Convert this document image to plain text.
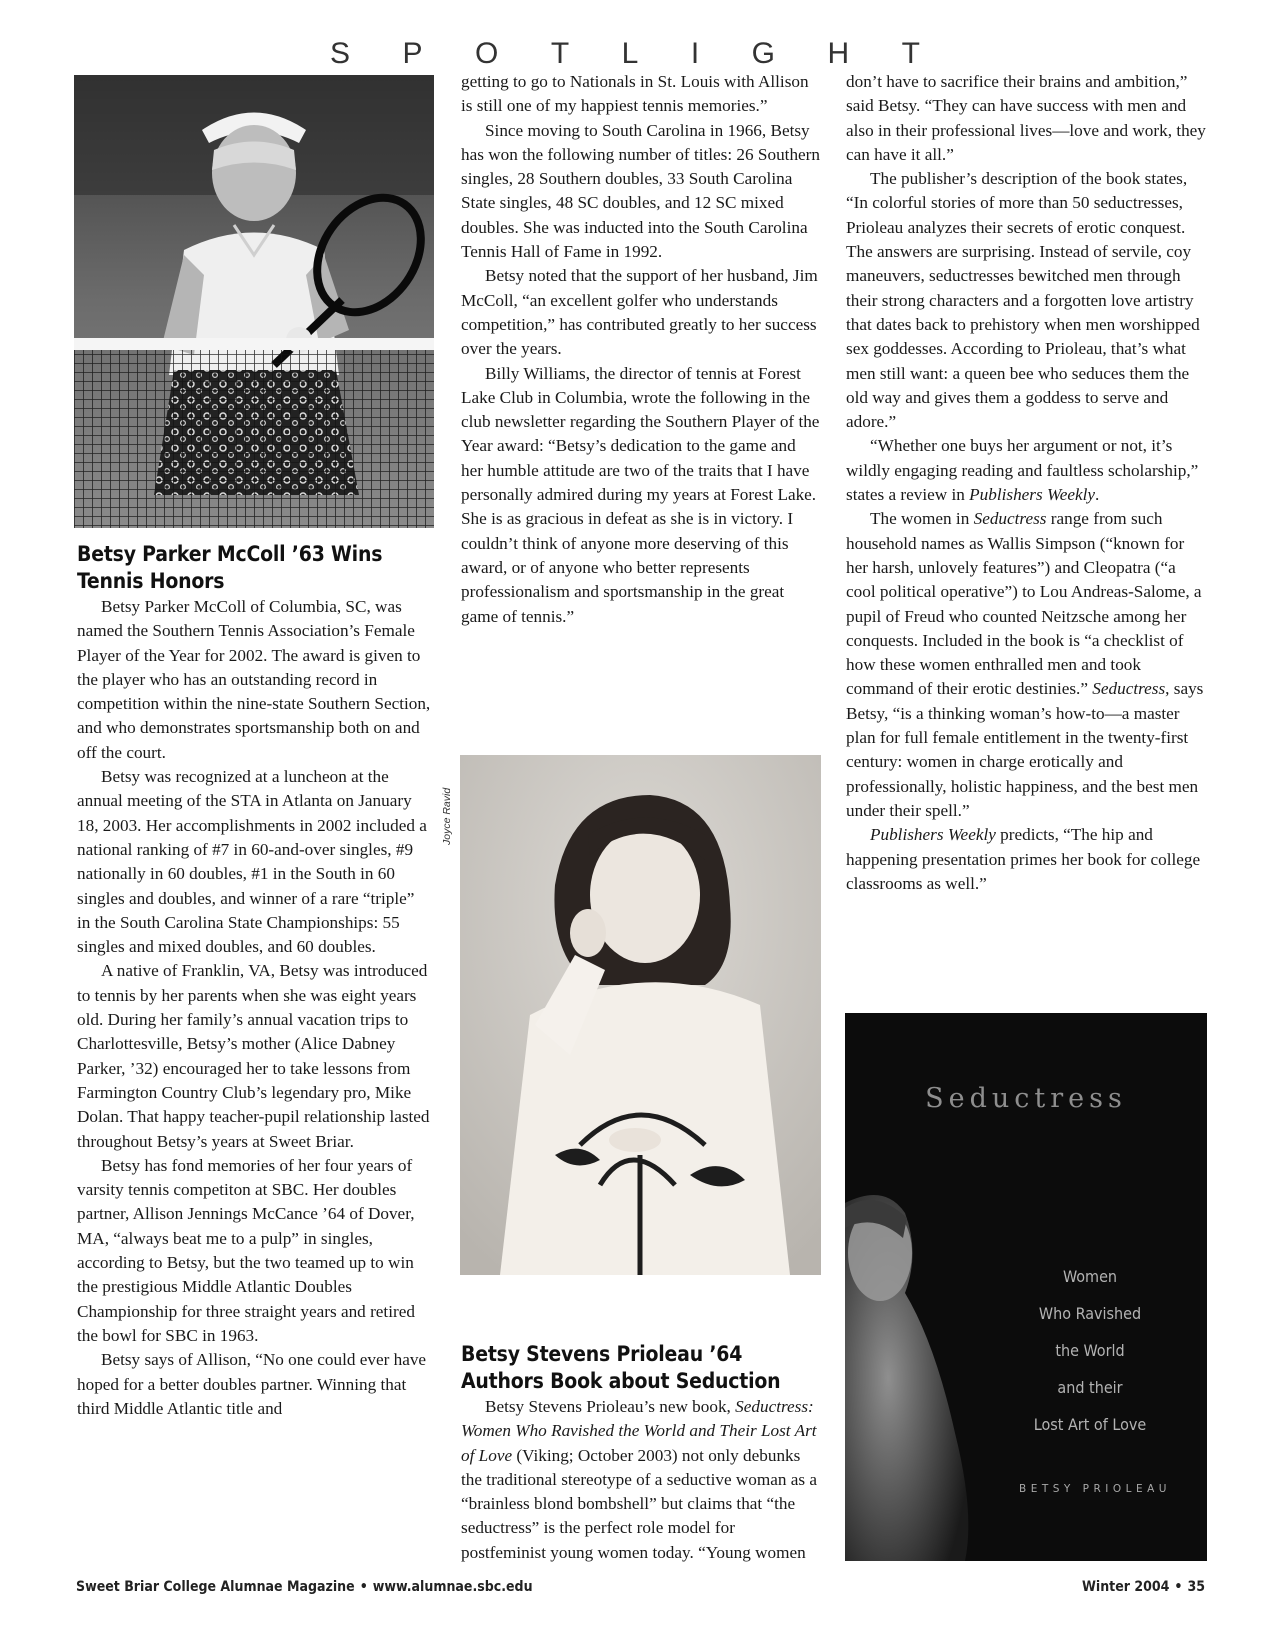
S P O T L I G H T
Betsy Parker McColl ’63 Wins Tennis Honors

Betsy Parker McColl of Columbia, SC, was named the Southern Tennis Association’s Female Player of the Year for 2002. The award is given to the player who has an outstanding record in competition within the nine-state Southern Section, and who demonstrates sportsmanship both on and off the court.

Betsy was recognized at a luncheon at the annual meeting of the STA in Atlanta on January 18, 2003. Her accomplishments in 2002 included a national ranking of #7 in 60-and-over singles, #9 nationally in 60 doubles, #1 in the South in 60 singles and doubles, and winner of a rare “triple” in the South Carolina State Championships: 55 singles and mixed doubles, and 60 doubles.

A native of Franklin, VA, Betsy was introduced to tennis by her parents when she was eight years old. During her family’s annual vacation trips to Charlottesville, Betsy’s mother (Alice Dabney Parker, ’32) encouraged her to take lessons from Farmington Country Club’s legendary pro, Mike Dolan. That happy teacher-pupil relationship lasted throughout Betsy’s years at Sweet Briar.

Betsy has fond memories of her four years of varsity tennis competiton at SBC. Her doubles partner, Allison Jennings McCance ’64 of Dover, MA, “always beat me to a pulp” in singles, according to Betsy, but the two teamed up to win the prestigious Middle Atlantic Doubles Championship for three straight years and retired the bowl for SBC in 1963.

Betsy says of Allison, “No one could ever have hoped for a better doubles partner. Winning that third Middle Atlantic title and

getting to go to Nationals in St. Louis with Allison is still one of my happiest tennis memories.”

Since moving to South Carolina in 1966, Betsy has won the following number of titles: 26 Southern singles, 28 Southern doubles, 33 South Carolina State singles, 48 SC doubles, and 12 SC mixed doubles. She was inducted into the South Carolina Tennis Hall of Fame in 1992.

Betsy noted that the support of her husband, Jim McColl, “an excellent golfer who understands competition,” has contributed greatly to her success over the years.

Billy Williams, the director of tennis at Forest Lake Club in Columbia, wrote the following in the club newsletter regarding the Southern Player of the Year award: “Betsy’s dedication to the game and her humble attitude are two of the traits that I have personally admired during my years at Forest Lake. She is as gracious in defeat as she is in victory. I couldn’t think of anyone more deserving of this award, or of anyone who better represents professionalism and sportsmanship in the great game of tennis.”

Joyce Ravid
Betsy Stevens Prioleau ’64 Authors Book about Seduction

Betsy Stevens Prioleau’s new book, Seductress: Women Who Ravished the World and Their Lost Art of Love (Viking; October 2003) not only debunks the traditional stereotype of a seductive woman as a “brainless blond bombshell” but claims that “the seductress” is the perfect role model for postfeminist young women today. “Young women

don’t have to sacrifice their brains and ambition,” said Betsy. “They can have success with men and also in their professional lives—love and work, they can have it all.”

The publisher’s description of the book states, “In colorful stories of more than 50 seductresses, Prioleau analyzes their secrets of erotic conquest. The answers are surprising. Instead of servile, coy maneuvers, seductresses bewitched men through their strong characters and a forgotten love artistry that dates back to prehistory when men worshipped sex goddesses. According to Prioleau, that’s what men still want: a queen bee who seduces them the old way and gives them a goddess to serve and adore.”

“Whether one buys her argument or not, it’s wildly engaging reading and faultless scholarship,” states a review in Publishers Weekly.

The women in Seductress range from such household names as Wallis Simpson (“known for her harsh, unlovely features”) and Cleopatra (“a cool political operative”) to Lou Andreas-Salome, a pupil of Freud who counted Neitzsche among her conquests. Included in the book is “a checklist of how these women enthralled men and took command of their erotic destinies.” Seductress, says Betsy, “is a thinking woman’s how-to—a master plan for full female entitlement in the twenty-first century: women in charge erotically and professionally, holistic happiness, and the best men under their spell.”

Publishers Weekly predicts, “The hip and happening presentation primes her book for college classrooms as well.”

Seductress
Women
Who Ravished
the World
and their
Lost Art of Love
BETSY PRIOLEAU
Sweet Briar College Alumnae Magazine • www.alumnae.sbc.edu	Winter 2004 • 35
